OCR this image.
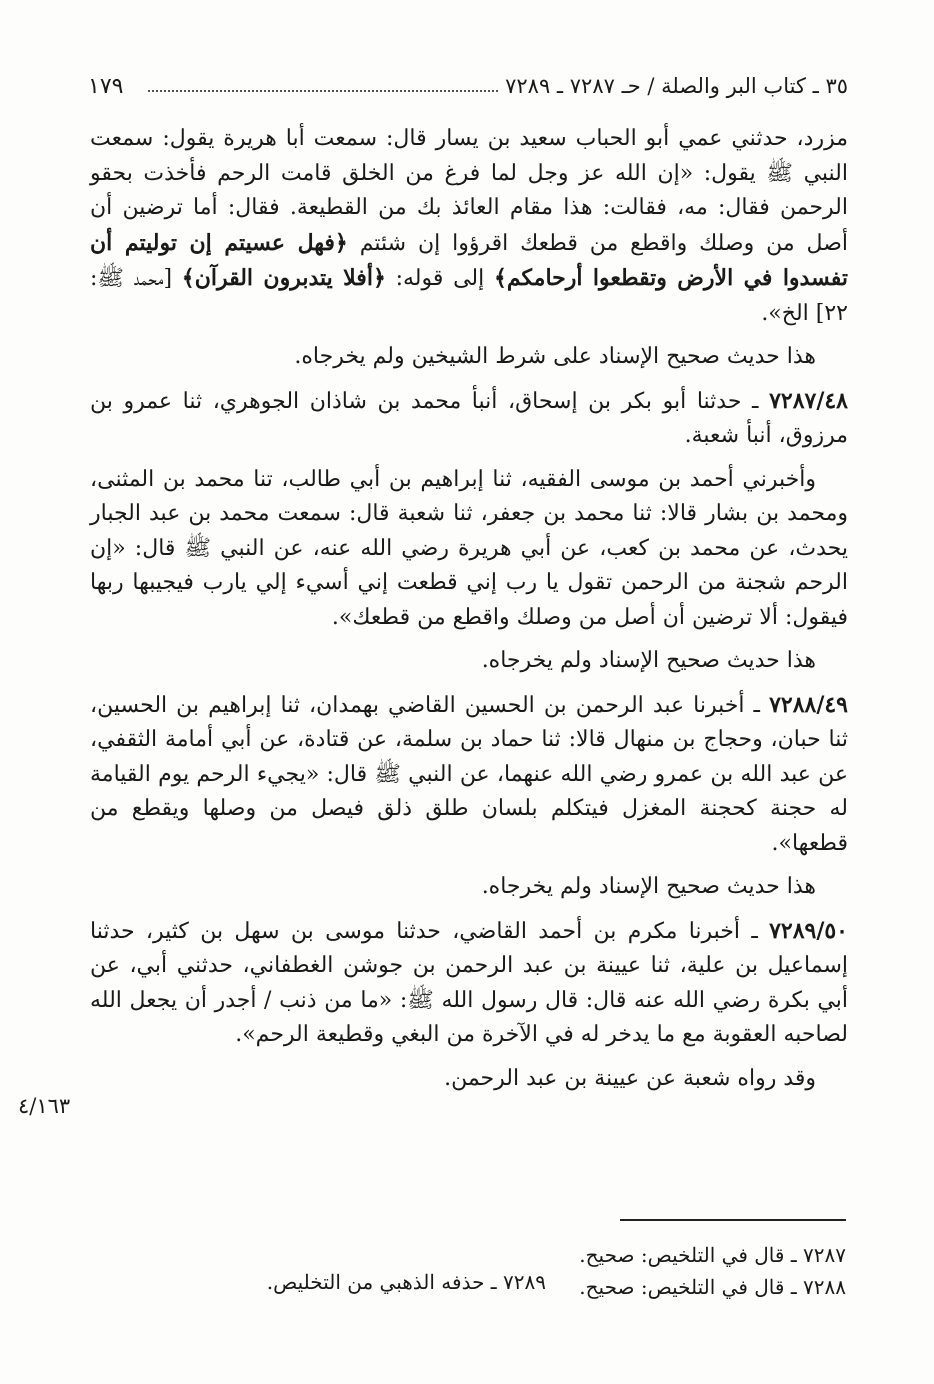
٣٥ ـ كتاب البر والصلة / حـ ٧٢٨٧ ـ ٧٢٨٩
١٧٩

مزرد، حدثني عمي أبو الحباب سعيد بن يسار قال: سمعت أبا هريرة يقول: سمعت النبي ﷺ يقول: «إن الله عز وجل لما فرغ من الخلق قامت الرحم فأخذت بحقو الرحمن فقال: مه، فقالت: هذا مقام العائذ بك من القطيعة. فقال: أما ترضين أن أصل من وصلك واقطع من قطعك اقرؤوا إن شئتم ﴿فهل عسيتم إن توليتم أن تفسدوا في الأرض وتقطعوا أرحامكم﴾ إلى قوله: ﴿أفلا يتدبرون القرآن﴾ [محمد ﷺ: ٢٢] الخ».

هذا حديث صحيح الإسناد على شرط الشيخين ولم يخرجاه.

٧٢٨٧/٤٨ ـ حدثنا أبو بكر بن إسحاق، أنبأ محمد بن شاذان الجوهري، ثنا عمرو بن مرزوق، أنبأ شعبة.

وأخبرني أحمد بن موسى الفقيه، ثنا إبراهيم بن أبي طالب، تنا محمد بن المثنى، ومحمد بن بشار قالا: ثنا محمد بن جعفر، ثنا شعبة قال: سمعت محمد بن عبد الجبار يحدث، عن محمد بن كعب، عن أبي هريرة رضي الله عنه، عن النبي ﷺ قال: «إن الرحم شجنة من الرحمن تقول يا رب إني قطعت إني أسيء إلي يارب فيجيبها ربها فيقول: ألا ترضين أن أصل من وصلك واقطع من قطعك».

هذا حديث صحيح الإسناد ولم يخرجاه.

٧٢٨٨/٤٩ ـ أخبرنا عبد الرحمن بن الحسين القاضي بهمدان، ثنا إبراهيم بن الحسين، ثنا حبان، وحجاج بن منهال قالا: ثنا حماد بن سلمة، عن قتادة، عن أبي أمامة الثقفي، عن عبد الله بن عمرو رضي الله عنهما، عن النبي ﷺ قال: «يجيء الرحم يوم القيامة له حجنة كحجنة المغزل فيتكلم بلسان طلق ذلق فيصل من وصلها ويقطع من قطعها».

هذا حديث صحيح الإسناد ولم يخرجاه.

٧٢٨٩/٥٠ ـ أخبرنا مكرم بن أحمد القاضي، حدثنا موسى بن سهل بن كثير، حدثنا إسماعيل بن علية، ثنا عيينة بن عبد الرحمن بن جوشن الغطفاني، حدثني أبي، عن أبي بكرة رضي الله عنه قال: قال رسول الله ﷺ: «ما من ذنب / أجدر أن يجعل الله لصاحبه العقوبة مع ما يدخر له في الآخرة من البغي وقطيعة الرحم».

وقد رواه شعبة عن عيينة بن عبد الرحمن.

٤/١٦٣
٧٢٨٧ ـ قال في التلخيص: صحيح.
٧٢٨٨ ـ قال في التلخيص: صحيح.
٧٢٨٩ ـ حذفه الذهبي من التخليص.
